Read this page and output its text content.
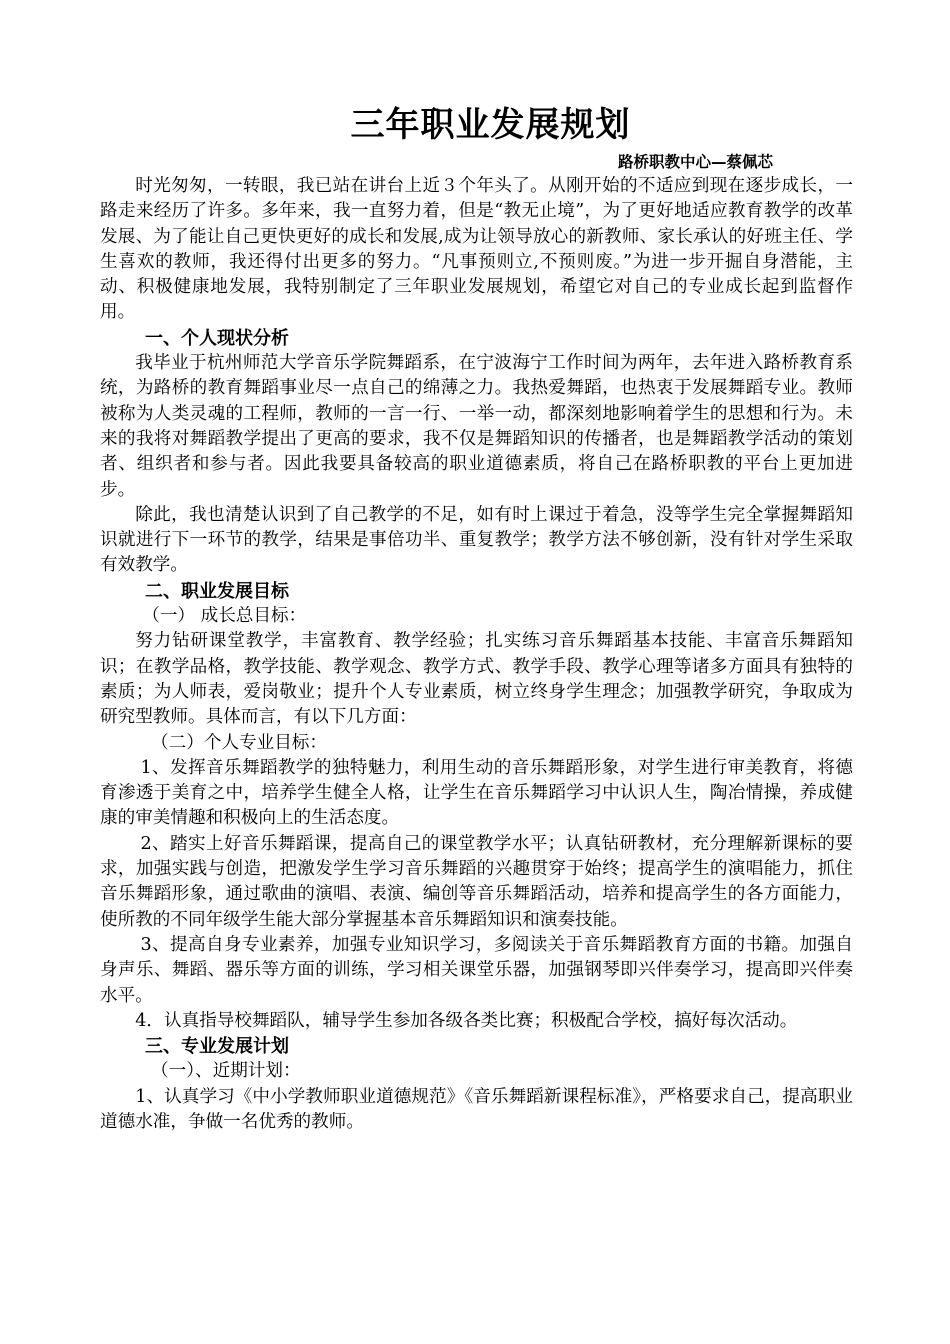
三年职业发展规划
路桥职教中心—蔡佩芯

时光匆匆，一转眼，我已站在讲台上近３个年头了。从刚开始的不适应到现在逐步成长，一路走来经历了许多。多年来，我一直努力着，但是“教无止境”，为了更好地适应教育教学的改革发展、为了能让自己更快更好的成长和发展,成为让领导放心的新教师、家长承认的好班主任、学生喜欢的教师，我还得付出更多的努力。“凡事预则立,不预则废。”为进一步开掘自身潜能，主动、积极健康地发展，我特别制定了三年职业发展规划，希望它对自己的专业成长起到监督作用。

一、个人现状分析

我毕业于杭州师范大学音乐学院舞蹈系，在宁波海宁工作时间为两年，去年进入路桥教育系统，为路桥的教育舞蹈事业尽一点自己的绵薄之力。我热爱舞蹈，也热衷于发展舞蹈专业。教师被称为人类灵魂的工程师，教师的一言一行、一举一动，都深刻地影响着学生的思想和行为。未来的我将对舞蹈教学提出了更高的要求，我不仅是舞蹈知识的传播者，也是舞蹈教学活动的策划者、组织者和参与者。因此我要具备较高的职业道德素质，将自己在路桥职教的平台上更加进步。

除此，我也清楚认识到了自己教学的不足，如有时上课过于着急，没等学生完全掌握舞蹈知识就进行下一环节的教学，结果是事倍功半、重复教学；教学方法不够创新，没有针对学生采取有效教学。

二、职业发展目标
（一） 成长总目标：

努力钻研课堂教学，丰富教育、教学经验；扎实练习音乐舞蹈基本技能、丰富音乐舞蹈知识；在教学品格，教学技能、教学观念、教学方式、教学手段、教学心理等诸多方面具有独特的素质；为人师表，爱岗敬业；提升个人专业素质，树立终身学生理念；加强教学研究，争取成为研究型教师。具体而言，有以下几方面：

（二）个人专业目标：

1、发挥音乐舞蹈教学的独特魅力，利用生动的音乐舞蹈形象，对学生进行审美教育，将德育渗透于美育之中，培养学生健全人格，让学生在音乐舞蹈学习中认识人生，陶冶情操，养成健康的审美情趣和积极向上的生活态度。

2、踏实上好音乐舞蹈课，提高自己的课堂教学水平；认真钻研教材，充分理解新课标的要求，加强实践与创造，把激发学生学习音乐舞蹈的兴趣贯穿于始终；提高学生的演唱能力，抓住音乐舞蹈形象，通过歌曲的演唱、表演、编创等音乐舞蹈活动，培养和提高学生的各方面能力，使所教的不同年级学生能大部分掌握基本音乐舞蹈知识和演奏技能。

3、提高自身专业素养，加强专业知识学习，多阅读关于音乐舞蹈教育方面的书籍。加强自身声乐、舞蹈、器乐等方面的训练，学习相关课堂乐器，加强钢琴即兴伴奏学习，提高即兴伴奏水平。

4．认真指导校舞蹈队，辅导学生参加各级各类比赛；积极配合学校，搞好每次活动。

三、专业发展计划
（一）、近期计划：

1、认真学习《中小学教师职业道德规范》《音乐舞蹈新课程标准》，严格要求自己，提高职业道德水准，争做一名优秀的教师。
